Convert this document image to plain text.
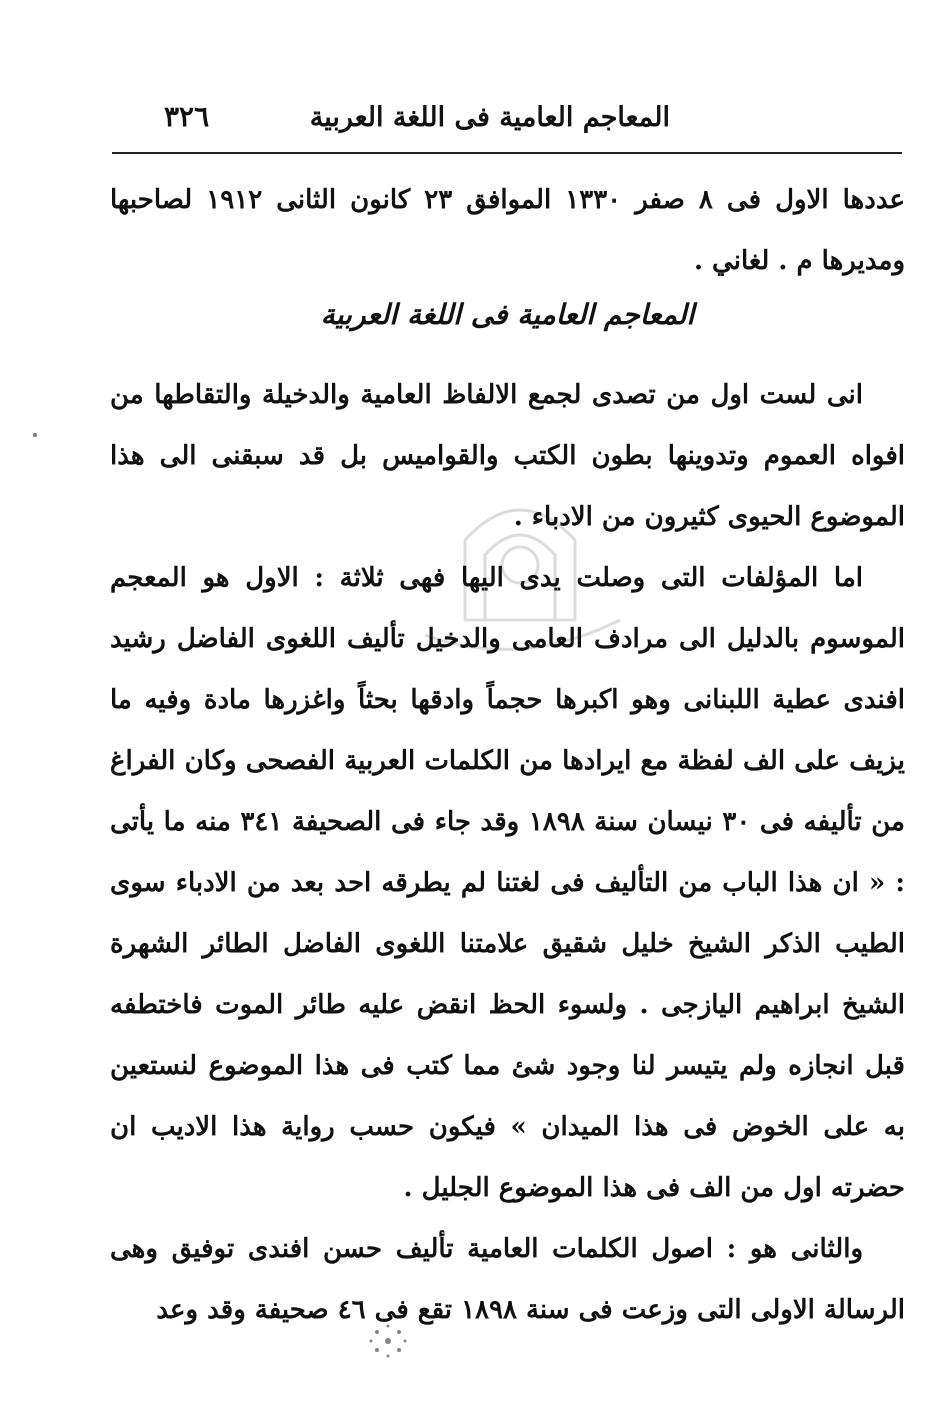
المعاجم العامية فى اللغة العربية
٣٢٦

عددها الاول فى ٨ صفر ١٣٣٠ الموافق ٢٣ كانون الثانى ١٩١٢ لصاحبها ومديرها م . لغاني .

المعاجم العامية فى اللغة العربية

انى لست اول من تصدى لجمع الالفاظ العامية والدخيلة والتقاطها من افواه العموم وتدوينها بطون الكتب والقواميس بل قد سبقنى الى هذا الموضوع الحيوى كثيرون من الادباء .

اما المؤلفات التى وصلت يدى اليها فهى ثلاثة : الاول هو المعجم الموسوم بالدليل الى مرادف العامى والدخيل تأليف اللغوى الفاضل رشيد افندى عطية اللبنانى وهو اكبرها حجماً وادقها بحثاً واغزرها مادة وفيه ما يزيف على الف لفظة مع ايرادها من الكلمات العربية الفصحى وكان الفراغ من تأليفه فى ٣٠ نيسان سنة ١٨٩٨ وقد جاء فى الصحيفة ٣٤١ منه ما يأتى : « ان هذا الباب من التأليف فى لغتنا لم يطرقه احد بعد من الادباء سوى الطيب الذكر الشيخ خليل شقيق علامتنا اللغوى الفاضل الطائر الشهرة الشيخ ابراهيم اليازجى . ولسوء الحظ انقض عليه طائر الموت فاختطفه قبل انجازه ولم يتيسر لنا وجود شئ مما كتب فى هذا الموضوع لنستعين به على الخوض فى هذا الميدان » فيكون حسب رواية هذا الاديب ان حضرته اول من الف فى هذا الموضوع الجليل .

والثانى هو : اصول الكلمات العامية تأليف حسن افندى توفيق وهى الرسالة الاولى التى وزعت فى سنة ١٨٩٨ تقع فى ٤٦ صحيفة وقد وعد
